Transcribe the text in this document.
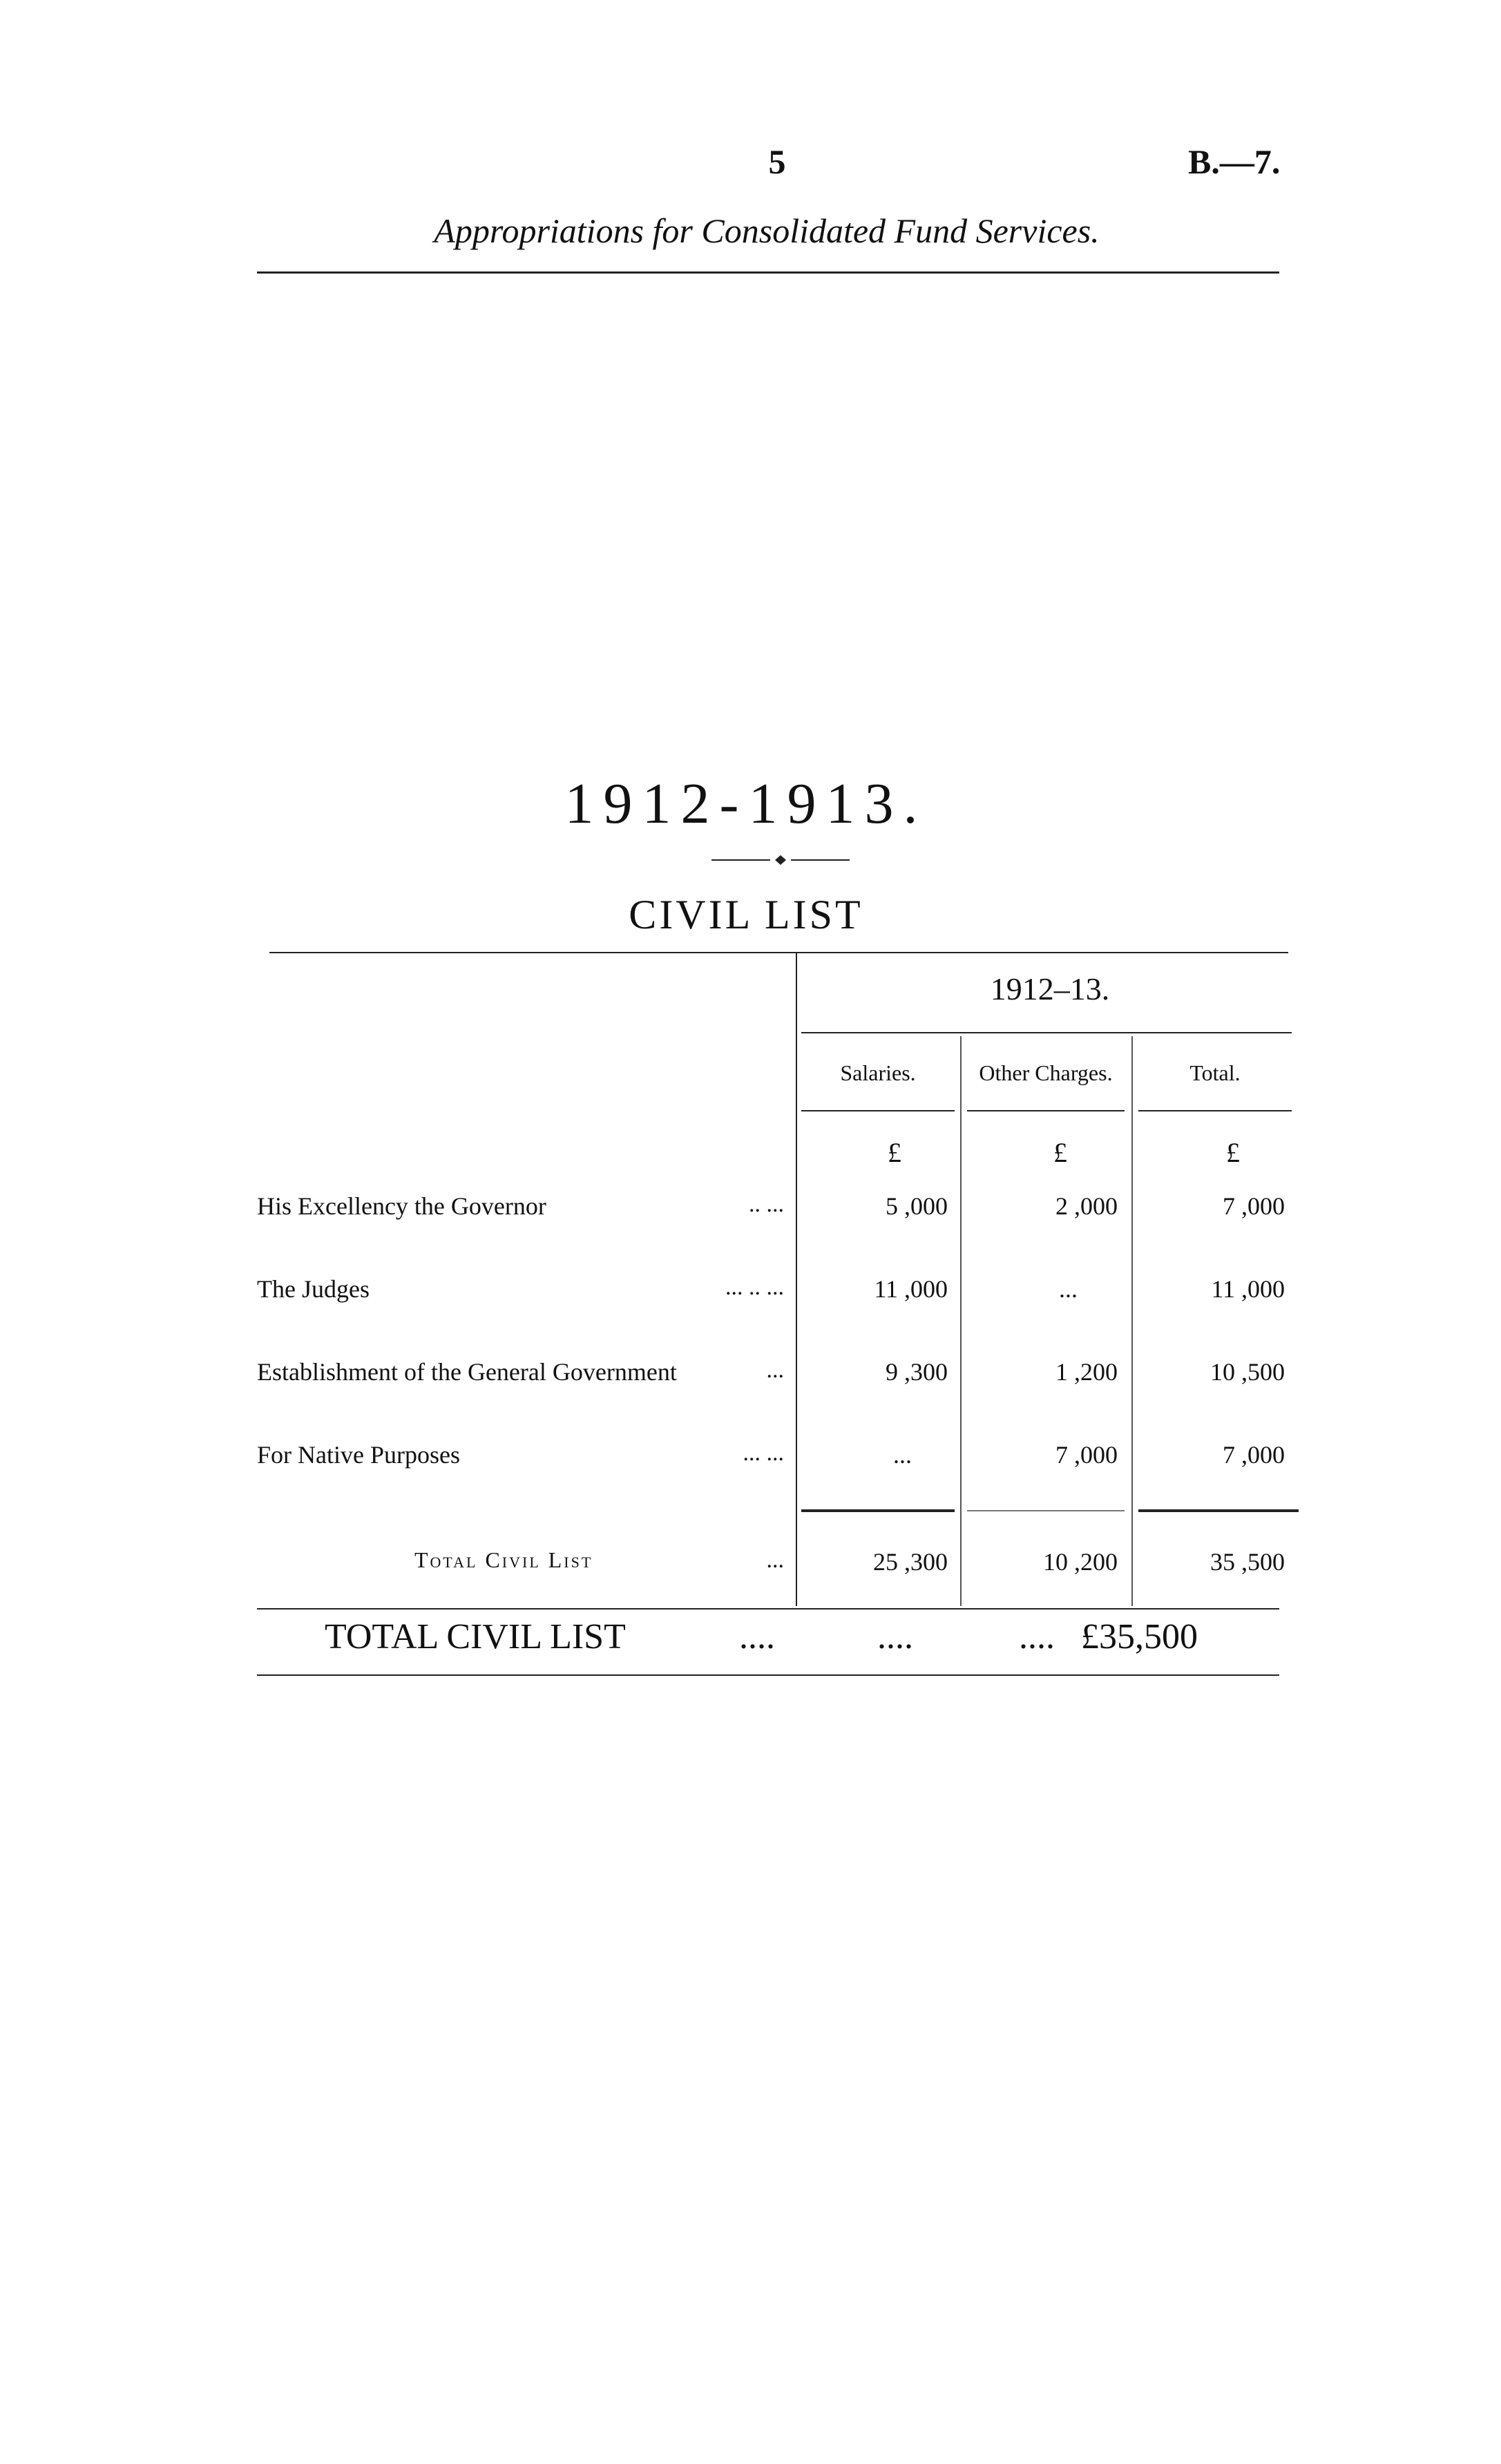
5	B.—7.
Appropriations for Consolidated Fund Services.
1912-1913.
CIVIL LIST
1912–13.
Salaries.	Other Charges.	Total.
£	£	£
His Excellency the Governor	.. ...	5 ,000	2 ,000	7 ,000
The Judges	... .. ...	11 ,000	...	11 ,000
Establishment of the General Government	...	9 ,300	1 ,200	10 ,500
For Native Purposes	... ...	...	7 ,000	7 ,000
Total Civil List	...	25 ,300	10 ,200	35 ,500
TOTAL CIVIL LIST	....	....	.... £35,500
